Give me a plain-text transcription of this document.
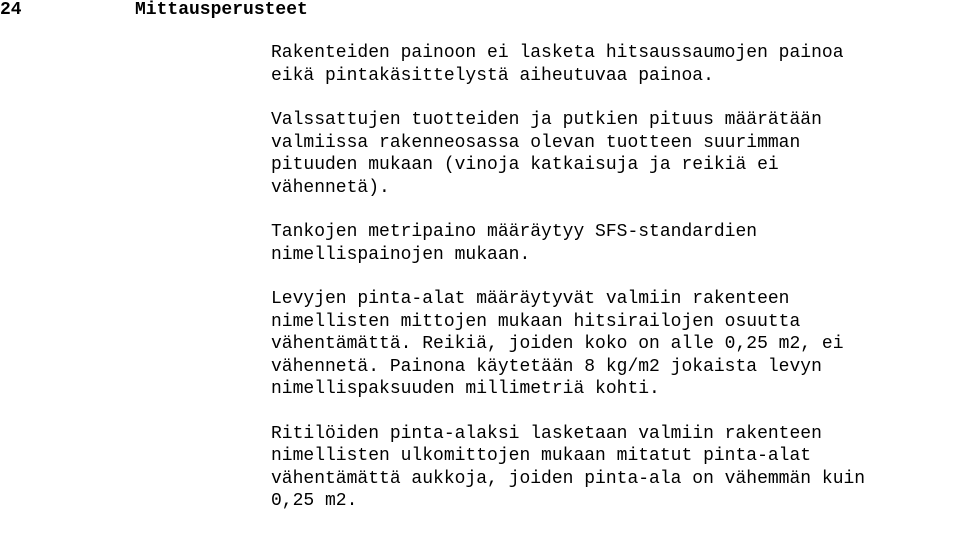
24	Mittausperusteet
Rakenteiden painoon ei lasketa hitsaussaumojen painoa
eikä pintakäsittelystä aiheutuvaa painoa.
Valssattujen tuotteiden ja putkien pituus määrätään
valmiissa rakenneosassa olevan tuotteen suurimman
pituuden mukaan (vinoja katkaisuja ja reikiä ei
vähennetä).
Tankojen metripaino määräytyy SFS-standardien
nimellispainojen mukaan.
Levyjen pinta-alat määräytyvät valmiin rakenteen
nimellisten mittojen mukaan hitsirailojen osuutta
vähentämättä. Reikiä, joiden koko on alle 0,25 m2, ei
vähennetä. Painona käytetään 8 kg/m2 jokaista levyn
nimellispaksuuden millimetriä kohti.
Ritilöiden pinta-alaksi lasketaan valmiin rakenteen
nimellisten ulkomittojen mukaan mitatut pinta-alat
vähentämättä aukkoja, joiden pinta-ala on vähemmän kuin
0,25 m2.
